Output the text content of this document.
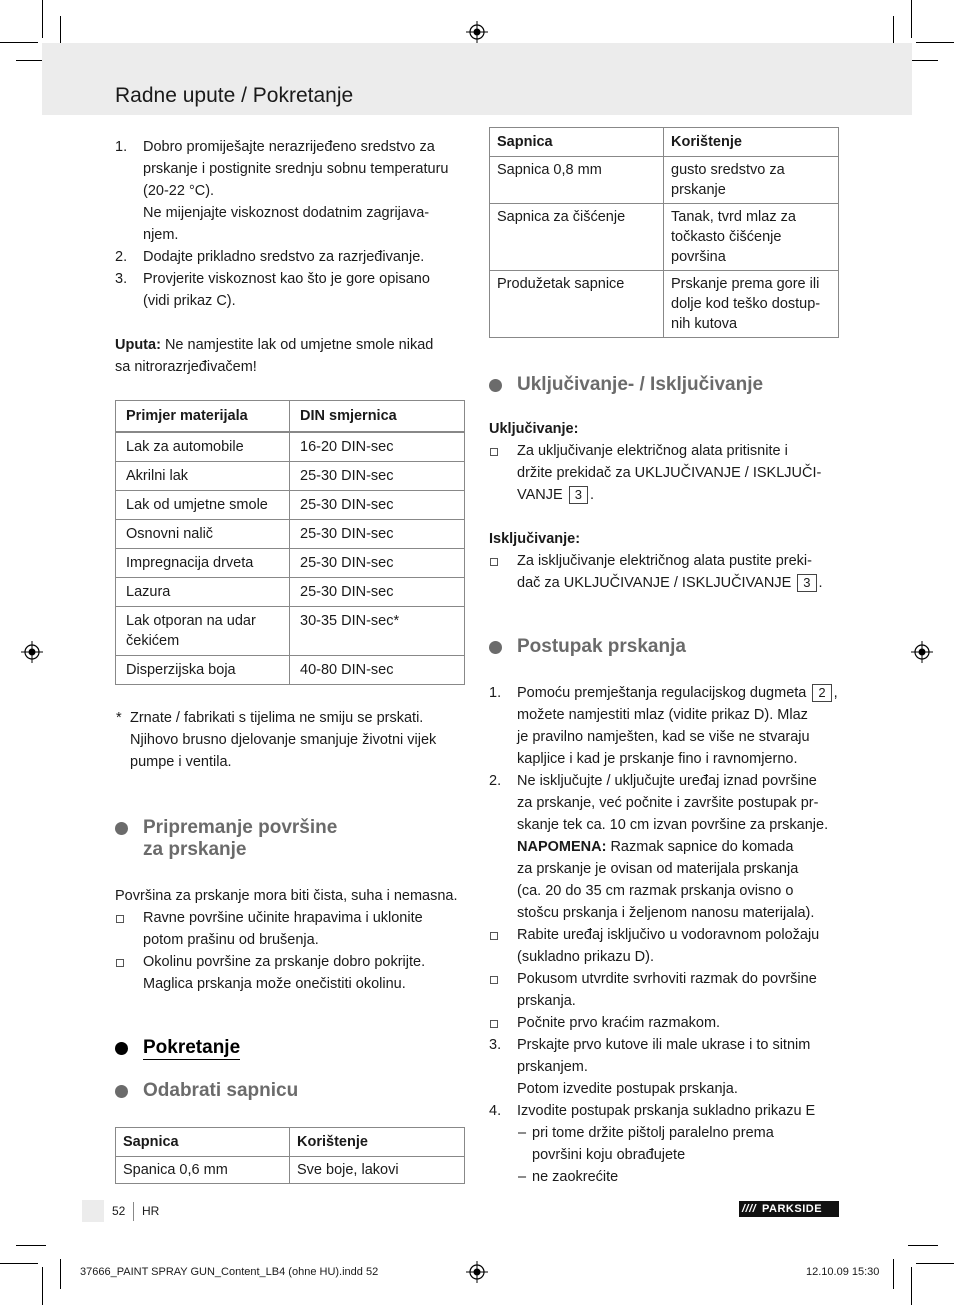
Radne upute / Pokretanje
1. Dobro promiješajte nerazrijeđeno sredstvo za
prskanje i postignite srednju sobnu temperaturu
(20-22 °C).
Ne mijenjajte viskoznost dodatnim zagrijava-
njem.
2. Dodajte prikladno sredstvo za razrjeđivanje.
3. Provjerite viskoznost kao što je gore opisano
(vidi prikaz C).
Uputa: Ne namjestite lak od umjetne smole nikad
sa nitrorazrjeđivačem!
Primjer materijala	DIN smjernica
Lak za automobile	16-20 DIN-sec
Akrilni lak	25-30 DIN-sec
Lak od umjetne smole	25-30 DIN-sec
Osnovni nalič	25-30 DIN-sec
Impregnacija drveta	25-30 DIN-sec
Lazura	25-30 DIN-sec
Lak otporan na udar čekićem	30-35 DIN-sec*
Disperzijska boja	40-80 DIN-sec
* Zrnate / fabrikati s tijelima ne smiju se prskati.
Njihovo brusno djelovanje smanjuje životni vijek
pumpe i ventila.
Pripremanje površine
za prskanje
Površina za prskanje mora biti čista, suha i nemasna.
Ravne površine učinite hrapavima i uklonite
potom prašinu od brušenja.
Okolinu površine za prskanje dobro pokrijte.
Maglica prskanja može onečistiti okolinu.
Pokretanje
Odabrati sapnicu
Sapnica	Korištenje
Spanica 0,6 mm	Sve boje, lakovi
Sapnica	Korištenje
Sapnica 0,8 mm	gusto sredstvo za prskanje
Sapnica za čišćenje	Tanak, tvrd mlaz za točkasto čišćenje površina
Produžetak sapnice	Prskanje prema gore ili dolje kod teško dostup-nih kutova
Uključivanje- / Isključivanje
Uključivanje:
Za uključivanje električnog alata pritisnite i
držite prekidač za UKLJUČIVANJE / ISKLJUČI-
VANJE 3 .
Isključivanje:
Za isključivanje električnog alata pustite preki-
dač za UKLJUČIVANJE / ISKLJUČIVANJE 3 .
Postupak prskanja
1. Pomoću premještanja regulacijskog dugmeta 2 ,
možete namjestiti mlaz (vidite prikaz D). Mlaz
je pravilno namješten, kad se više ne stvaraju
kapljice i kad je prskanje fino i ravnomjerno.
2. Ne isključujte / uključujte uređaj iznad površine
za prskanje, već počnite i završite postupak pr-
skanje tek ca. 10 cm izvan površine za prskanje.
NAPOMENA: Razmak sapnice do komada
za prskanje je ovisan od materijala prskanja
(ca. 20 do 35 cm razmak prskanja ovisno o
stošcu prskanja i željenom nanosu materijala).
Rabite uređaj isključivo u vodoravnom položaju
(sukladno prikazu D).
Pokusom utvrdite svrhoviti razmak do površine
prskanja.
Počnite prvo kraćim razmakom.
3. Prskajte prvo kutove ili male ukrase i to sitnim
prskanjem.
Potom izvedite postupak prskanja.
4. Izvodite postupak prskanja sukladno prikazu E
– pri tome držite pištolj paralelno prema
površini koju obrađujete
– ne zaokrećite
52 HR	//// PARKSIDE
37666_PAINT SPRAY GUN_Content_LB4 (ohne HU).indd 52	12.10.09 15:30
